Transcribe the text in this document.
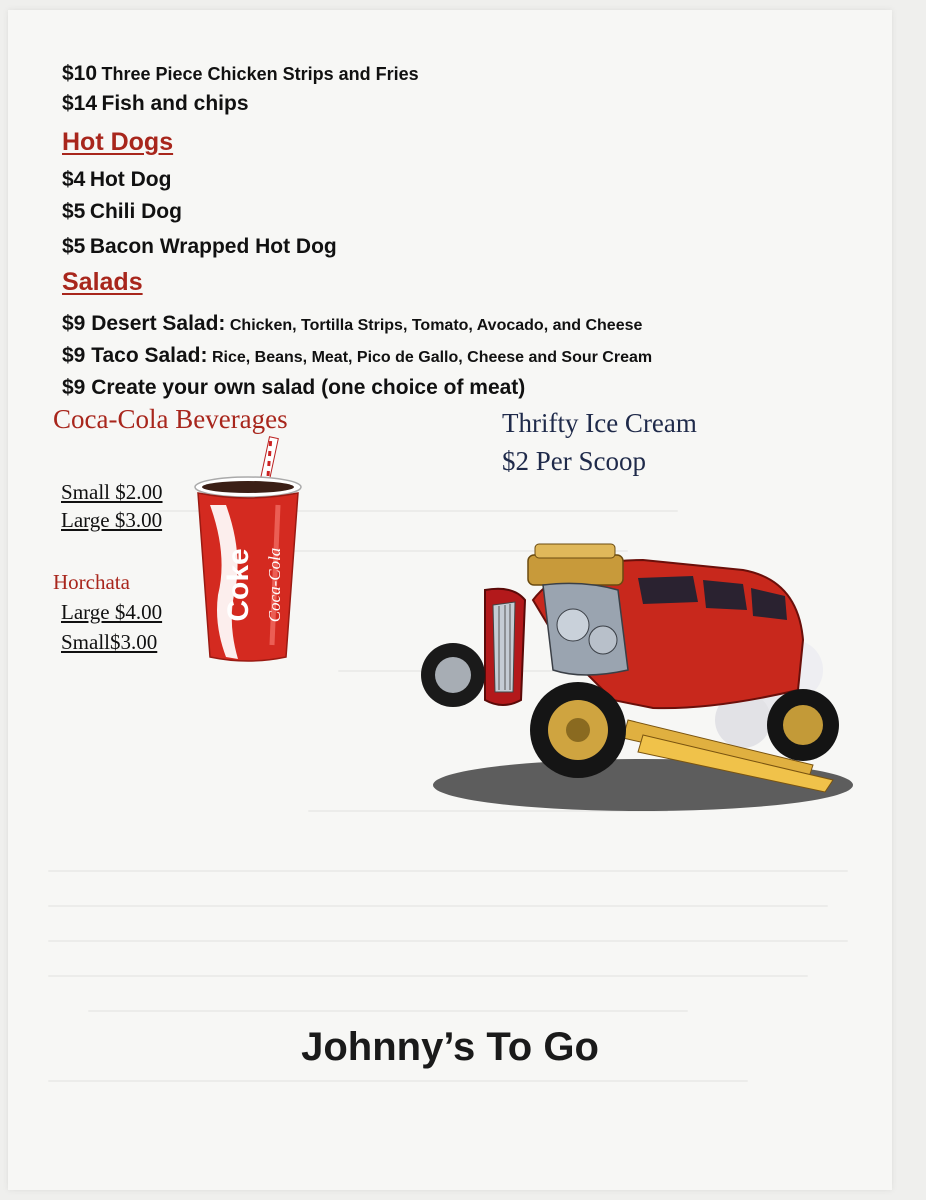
$10 Three Piece Chicken Strips and Fries
$14 Fish and chips
Hot Dogs
$4 Hot Dog
$5 Chili Dog
$5 Bacon Wrapped Hot Dog
Salads
$9 Desert Salad: Chicken, Tortilla Strips, Tomato, Avocado, and Cheese
$9 Taco Salad: Rice, Beans, Meat, Pico de Gallo, Cheese and Sour Cream
$9 Create your own salad (one choice of meat)
Coca-Cola Beverages
Small $2.00
Large $3.00
Horchata
Large $4.00
Small$3.00
Coke Coca-Cola
Thrifty Ice Cream
$2 Per Scoop
Johnny’s To Go
